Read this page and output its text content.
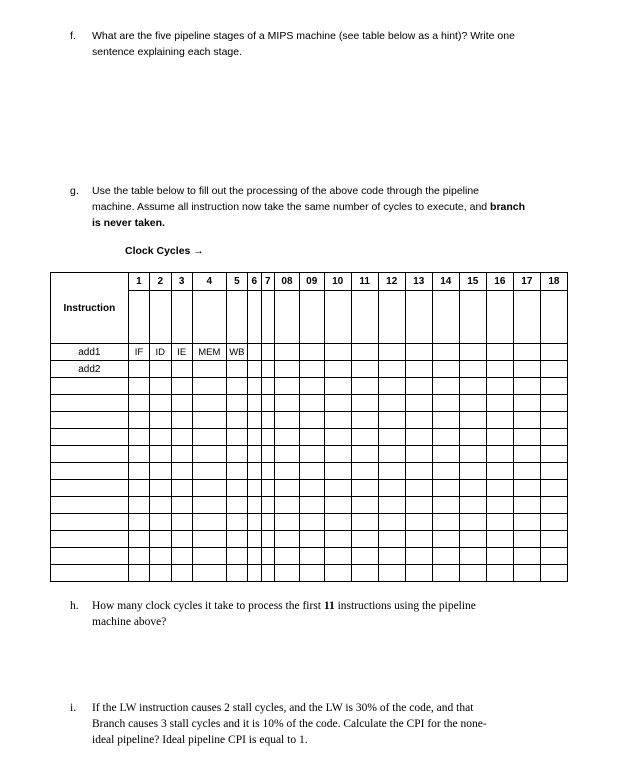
f. What are the five pipeline stages of a MIPS machine (see table below as a hint)? Write one
sentence explaining each stage.
g. Use the table below to fill out the processing of the above code through the pipeline
machine. Assume all instruction now take the same number of cycles to execute, and branch
is never taken.
Clock Cycles →
Instruction	1	2	3	4	5	6	7	08	09	10	11	12	13	14	15	16	17	18

add1	IF	ID	IE	MEM	WB													
add2																		

h. How many clock cycles it take to process the first 11 instructions using the pipeline
machine above?
i. If the LW instruction causes 2 stall cycles, and the LW is 30% of the code, and that
Branch causes 3 stall cycles and it is 10% of the code. Calculate the CPI for the none-
ideal pipeline? Ideal pipeline CPI is equal to 1.
